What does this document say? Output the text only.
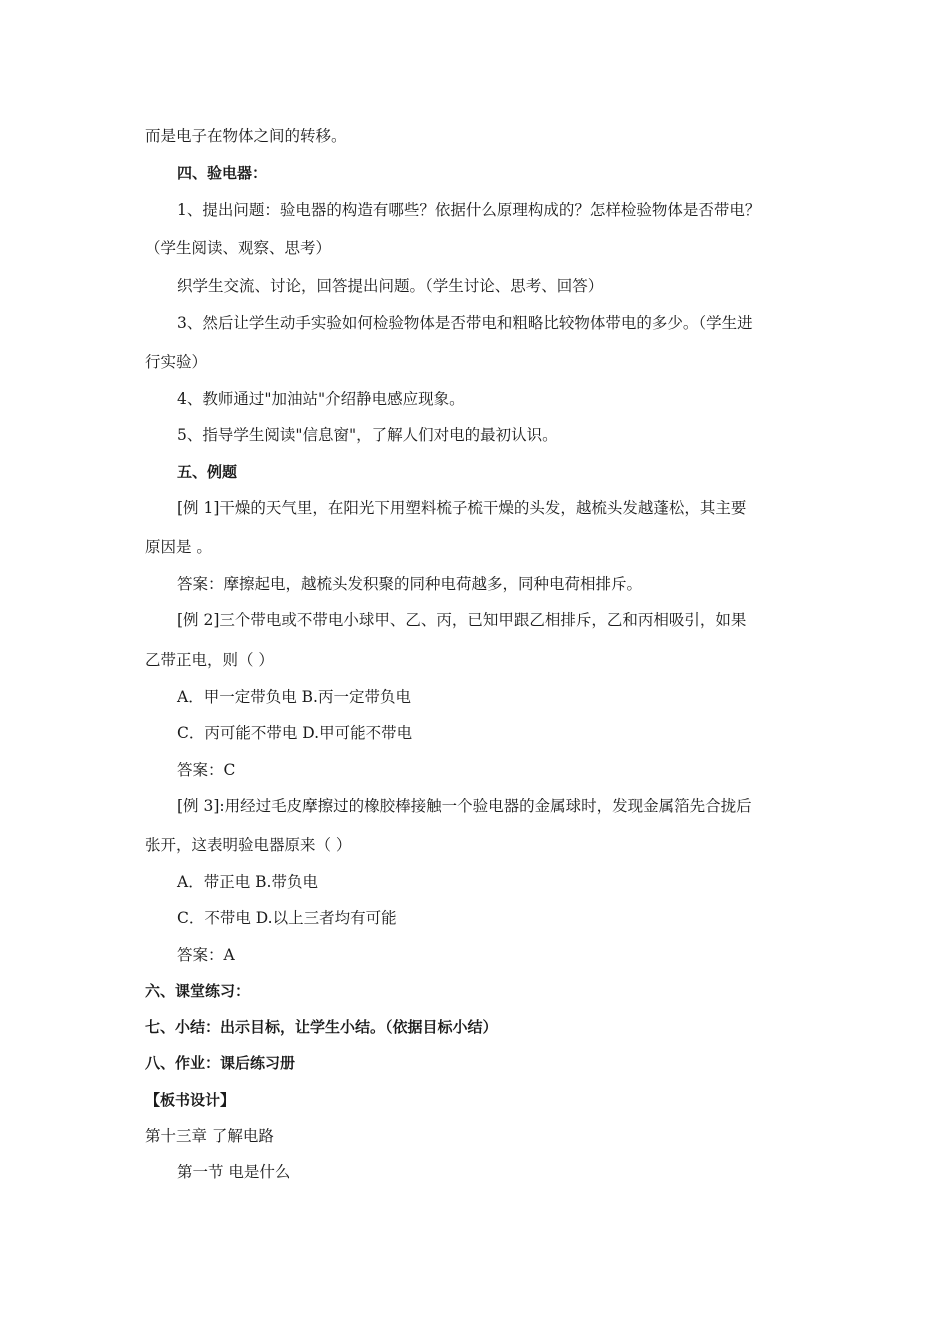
而是电子在物体之间的转移。
四、验电器：
1、提出问题：验电器的构造有哪些？依据什么原理构成的？怎样检验物体是否带电？
（学生阅读、观察、思考）
织学生交流、讨论，回答提出问题。（学生讨论、思考、回答）
3、然后让学生动手实验如何检验物体是否带电和粗略比较物体带电的多少。（学生进
行实验）
4、教师通过"加油站"介绍静电感应现象。
5、指导学生阅读"信息窗"，了解人们对电的最初认识。
五、例题
[例 1]干燥的天气里，在阳光下用塑料梳子梳干燥的头发，越梳头发越蓬松，其主要
原因是 。
答案：摩擦起电，越梳头发积聚的同种电荷越多，同种电荷相排斥。
[例 2]三个带电或不带电小球甲、乙、丙，已知甲跟乙相排斥，乙和丙相吸引，如果
乙带正电，则（ ）
A．甲一定带负电 B.丙一定带负电
C．丙可能不带电 D.甲可能不带电
答案：C
[例 3]:用经过毛皮摩擦过的橡胶棒接触一个验电器的金属球时，发现金属箔先合拢后
张开，这表明验电器原来（ ）
A．带正电 B.带负电
C．不带电 D.以上三者均有可能
答案：A
六、课堂练习：
七、小结：出示目标，让学生小结。（依据目标小结）
八、作业：课后练习册
【板书设计】
第十三章 了解电路
第一节 电是什么
